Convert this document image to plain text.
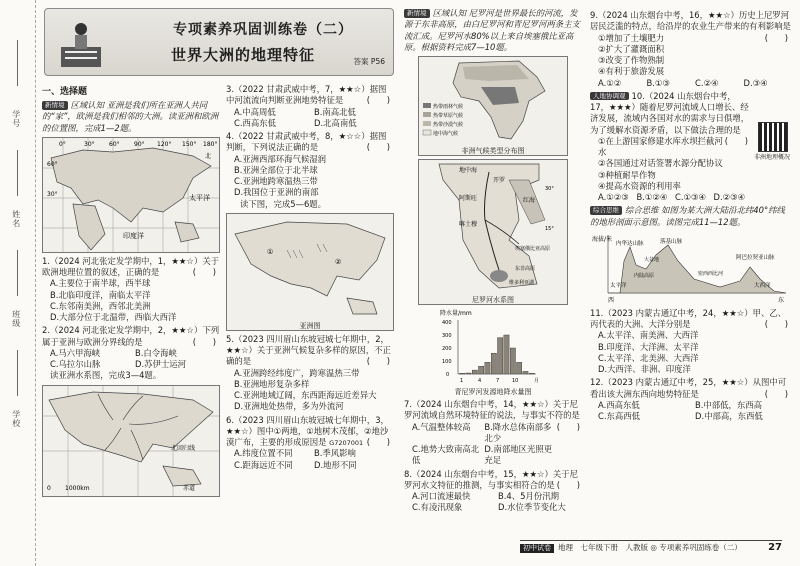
学号
姓名
班级
学校
专项素养巩固训练卷（二）
世界大洲的地理特征	答案 P56
一、选择题

新情境 区域认知 亚洲是我们所在亚洲人共同的“家”，欧洲是我们相邻的大洲。读亚洲和欧洲的位置图，完成1—2题。

0°	30° 60° 90° 120° 150° 180°
60°
30°	太平洋
印度洋
北

1.（2024 河北张定发学期中，1，★★☆）关于欧洲地理位置的叙述，正确的是	(　　)

A.主要位于南半球，西半球

B.北临印度洋，南临太平洋

C.东邻南美洲，西邻北美洲

D.大部分位于北温带，西临大西洋

2.（2024 河北张定发学期中，2，★★☆）下列属于亚洲与欧洲分界线的是	(　　)

A.马六甲海峡	B.白令海峡

C.乌拉尔山脉	D.苏伊士运河

读亚洲水系图，完成3—4题。

北回归线
赤道
0 1000km

3.（2022 甘肃武威中考，7，★★☆）据图中河流流向判断亚洲地势特征是	(　　)

A.中高周低	B.南高北低

C.西高东低	D.北高南低

4.（2022 甘肃武威中考，8，★☆☆）据图判断，下列说法正确的是	(　　)

A.亚洲西部环海气候湿润

B.亚洲全部位于北半球

C.亚洲地跨寒温热三带

D.我国位于亚洲的南部

读下图，完成5—6题。

①
②
亚洲图

5.（2023 四川眉山东坡冠城七年期中，2，★★☆）关于亚洲气候复杂多样的原因，不正确的是	(　　)

A.亚洲跨经纬度广，跨寒温热三带

B.亚洲地形复杂多样

C.亚洲地域辽阔，东西距海远近差异大

D.亚洲地处热带，多为外流河

6.（2023 四川眉山东坡冠城七年期中，3，★★☆）图中①两地，①地树木茂郁，②地沙漠广布，主要的形成原因是 G7207001 (　　)

A.纬度位置不同	B.季风影响

C.距海远近不同	D.地形不同

新情境 区域认知 尼罗河是世界最长的河流，发源于东非高原，由白尼罗河和青尼罗河两条主支流汇成。尼罗河水80%以上来自埃塞俄比亚高原。根据资料完成7—10题。

热带雨林气候
热带草原气候
热带沙漠气候
地中海气候
非洲气候类型分布图
地中海
红海
阿斯旺
开罗
喀土穆
维多利亚湖
埃塞俄比亚高原
15°
30°
东非高原
尼罗河水系图
降水量/mm
400
300
200
100
0
1	4	7	10	月
青尼罗河发源地降水量图

7.（2024 山东烟台中考，14，★★☆）关于尼罗河流域自然环境特征的说法，与事实不符的是
(　　)

A.气温整体较高	B.降水总体南部多北少

C.地势大致南高北低

D.南部地区光照更充足

8.（2024 山东烟台中考，15，★★☆）关于尼罗河水文特征的推测，与事实相符合的是 (　　)

A.河口流速最快	B.4、5月份汛期

C.有凌汛现象	D.水位季节变化大

9.（2024 山东烟台中考，16，★★☆）历史上尼罗河居民泛滥的特点，给沿岸的农业生产带来的有利影响是
(　　)

①增加了土壤肥力

②扩大了灌溉面积

③改变了作物熟制

④有利于旅游发展

A.①②	B.①③	C.②④	D.③④

人地协调观 10.（2024 山东烟台中考，17，★★★）随着尼罗河流域人口增长、经济发展，流域内各国对水的需求与日俱增，为了缓解水资源矛盾，以下做法合理的是
(　　)

①在上游国家修建水库水坝拦截河水

②各国通过对话签署水源分配协议

③种植耐旱作物

④提高水资源的利用率

A.①②③ B.①②④ C.①③④ D.②③④

非洲地理概况

综合思维 综合思维 如图为某大洲大陆沿北纬40°纬线的地形剖面示意图。读图完成11—12题。

海拔/米
内华达山脉	落基山脉
太平洋	大西洋
阿巴拉契亚山脉
内陆高原
大盆地
密西西比河
西	东

11.（2023 内蒙古通辽中考，24，★★☆）甲、乙、丙代表的大洲、大洋分别是	(　　)

A.太平洋、南美洲、大西洋

B.印度洋、大洋洲、太平洋

C.太平洋、北美洲、大西洋

D.大西洋、非洲、印度洋

12.（2023 内蒙古通辽中考，25，★★☆）从图中可看出该大洲东西向地势特征是	(　　)

A.西高东低	B.中部低，东西高

C.东高西低	D.中部高，东西低

初中试卷 地理　七年级下册　人教版 ◎ 专项素养巩固练卷（二）	27
